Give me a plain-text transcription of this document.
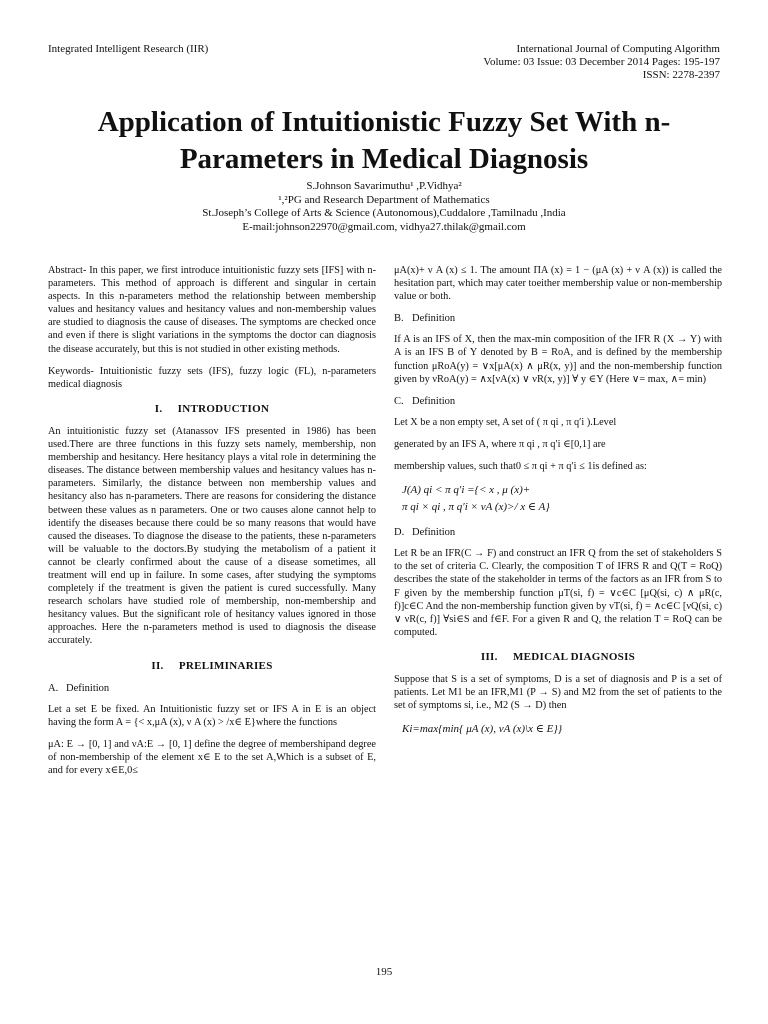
Integrated Intelligent Research (IIR)	International Journal of Computing Algorithm
Volume: 03 Issue: 03 December 2014 Pages: 195-197
ISSN: 2278-2397
Application of Intuitionistic Fuzzy Set With n-
Parameters in Medical Diagnosis
S.Johnson Savarimuthu¹ ,P.Vidhya²
¹,²PG and Research Department of Mathematics
St.Joseph’s College of Arts & Science (Autonomous),Cuddalore ,Tamilnadu ,India
E-mail:johnson22970@gmail.com, vidhya27.thilak@gmail.com

Abstract- In this paper, we first introduce intuitionistic fuzzy sets [IFS] with n-parameters. This method of approach is different and singular in certain aspects. In this n-parameters method the relationship between membership values and hesitancy values and hesitancy values and non-membership values are studied to diagnosis the cause of diseases. The symptoms are checked once and even if there is slight variations in the symptoms the doctor can diagnosis the disease accurately, but this is not studied in other existing methods.

Keywords- Intuitionistic fuzzy sets (IFS), fuzzy logic (FL), n-parameters medical diagnosis

I. INTRODUCTION

An intuitionistic fuzzy set (Atanassov IFS presented in 1986) has been used.There are three functions in this fuzzy sets namely, membership, non membership and hesitancy. Here hesitancy plays a vital role in determining the diseases. The distance between membership values and hesitancy values has n-parameters. Similarly, the distance between non membership values and hesitancy also has n-parameters. There are reasons for considering the distance between these values as n parameters. One or two causes alone cannot help to identify the diseases because there could be so many reasons that would have caused the diseases. To diagnose the disease to the patients, these n-parameters will be valuable to the doctors.By studying the metabolism of a patient it cannot be clearly confirmed about the cause of a disease sometimes, all treatment will end up in failure. In some cases, after studying the symptoms completely if the treatment is given the patient is cured successfully. Many research scholars have studied role of membership, non-membership and hesitancy values. But the significant role of hesitancy values ignored in those approaches. Here the n-parameters method is used to diagnosis the disease accurately.

II. PRELIMINARIES
A. Definition

Let a set E be fixed. An Intuitionistic fuzzy set or IFS A in E is an object having the form A = {< x,μA (x), ν A (x) > /x∈ E}where the functions

μA: E → [0, 1] and νA:E → [0, 1] define the degree of membershipand degree of non-membership of the element x∈ E to the set A,Which is a subset of E, and for every x∈E,0≤

μA(x)+ ν A (x) ≤ 1. The amount ΠA (x) = 1 − (μA (x) + ν A (x)) is called the hesitation part, which may cater toeither membership value or non-membership value or both.

B. Definition

If A is an IFS of X, then the max-min composition of the IFR R (X → Y) with A is an IFS B of Y denoted by B = RoA, and is defined by the membership function μRoA(y) = ∨x[μA(x) ∧ μR(x, y)] and the non-membership function given by νRoA(y) = ∧x[νA(x) ∨ νR(x, y)] ∀ y ∈Y (Here ∨= max, ∧= min)

C. Definition

Let X be a non empty set, A set of ( π qi , π q′i ).Level

generated by an IFS A, where π qi , π q′i ∈[0,1] are

membership values, such that0 ≤ π qi + π q′i ≤ 1is defined as:

J(A) qi < π q′i ={< x , μ (x)+
π qi × qi , π q′i × νA (x)>/ x ∈ A}
D. Definition

Let R be an IFR(C → F) and construct an IFR Q from the set of stakeholders S to the set of criteria C. Clearly, the composition T of IFRS R and Q(T = RoQ) describes the state of the stakeholder in terms of the factors as an IFR from S to F given by the membership function μT(si, f) = ∨c∈C [μQ(si, c) ∧ μR(c, f)]c∈C And the non-membership function given by νT(si, f) = ∧c∈C [νQ(si, c) ∨ νR(c, f)] ∀si∈S and f∈F. For a given R and Q, the relation T = RoQ can be computed.

III. MEDICAL DIAGNOSIS

Suppose that S is a set of symptoms, D is a set of diagnosis and P is a set of patients. Let M1 be an IFR,M1 (P → S) and M2 from the set of patients to the set of symptoms si, i.e., M2 (S → D) then

Ki=max{min{ μA (x), νA (x)\x ∈ E}}
195
